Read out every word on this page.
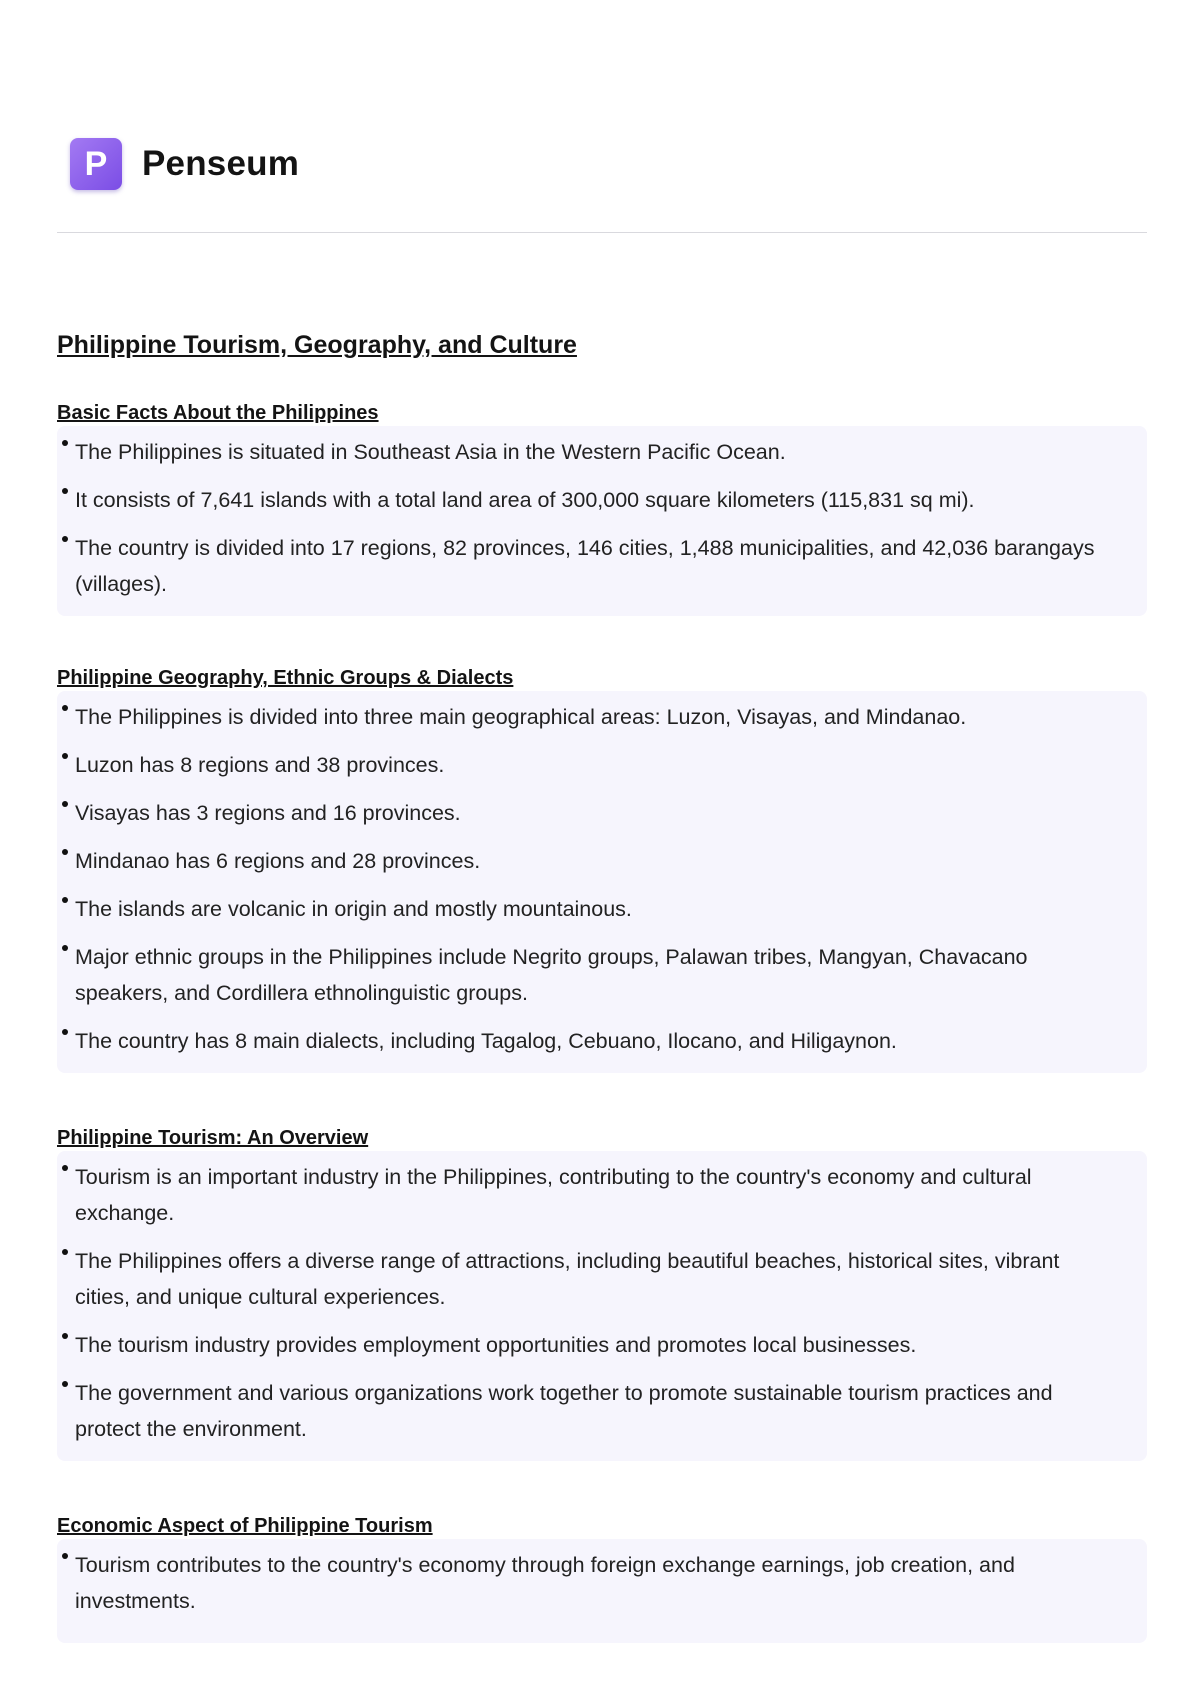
P Penseum
Philippine Tourism, Geography, and Culture
Basic Facts About the Philippines
The Philippines is situated in Southeast Asia in the Western Pacific Ocean.
It consists of 7,641 islands with a total land area of 300,000 square kilometers (115,831 sq mi).
The country is divided into 17 regions, 82 provinces, 146 cities, 1,488 municipalities, and 42,036 barangays (villages).
Philippine Geography, Ethnic Groups & Dialects
The Philippines is divided into three main geographical areas: Luzon, Visayas, and Mindanao.
Luzon has 8 regions and 38 provinces.
Visayas has 3 regions and 16 provinces.
Mindanao has 6 regions and 28 provinces.
The islands are volcanic in origin and mostly mountainous.
Major ethnic groups in the Philippines include Negrito groups, Palawan tribes, Mangyan, Chavacano speakers, and Cordillera ethnolinguistic groups.
The country has 8 main dialects, including Tagalog, Cebuano, Ilocano, and Hiligaynon.
Philippine Tourism: An Overview
Tourism is an important industry in the Philippines, contributing to the country's economy and cultural exchange.
The Philippines offers a diverse range of attractions, including beautiful beaches, historical sites, vibrant cities, and unique cultural experiences.
The tourism industry provides employment opportunities and promotes local businesses.
The government and various organizations work together to promote sustainable tourism practices and protect the environment.
Economic Aspect of Philippine Tourism
Tourism contributes to the country's economy through foreign exchange earnings, job creation, and investments.
